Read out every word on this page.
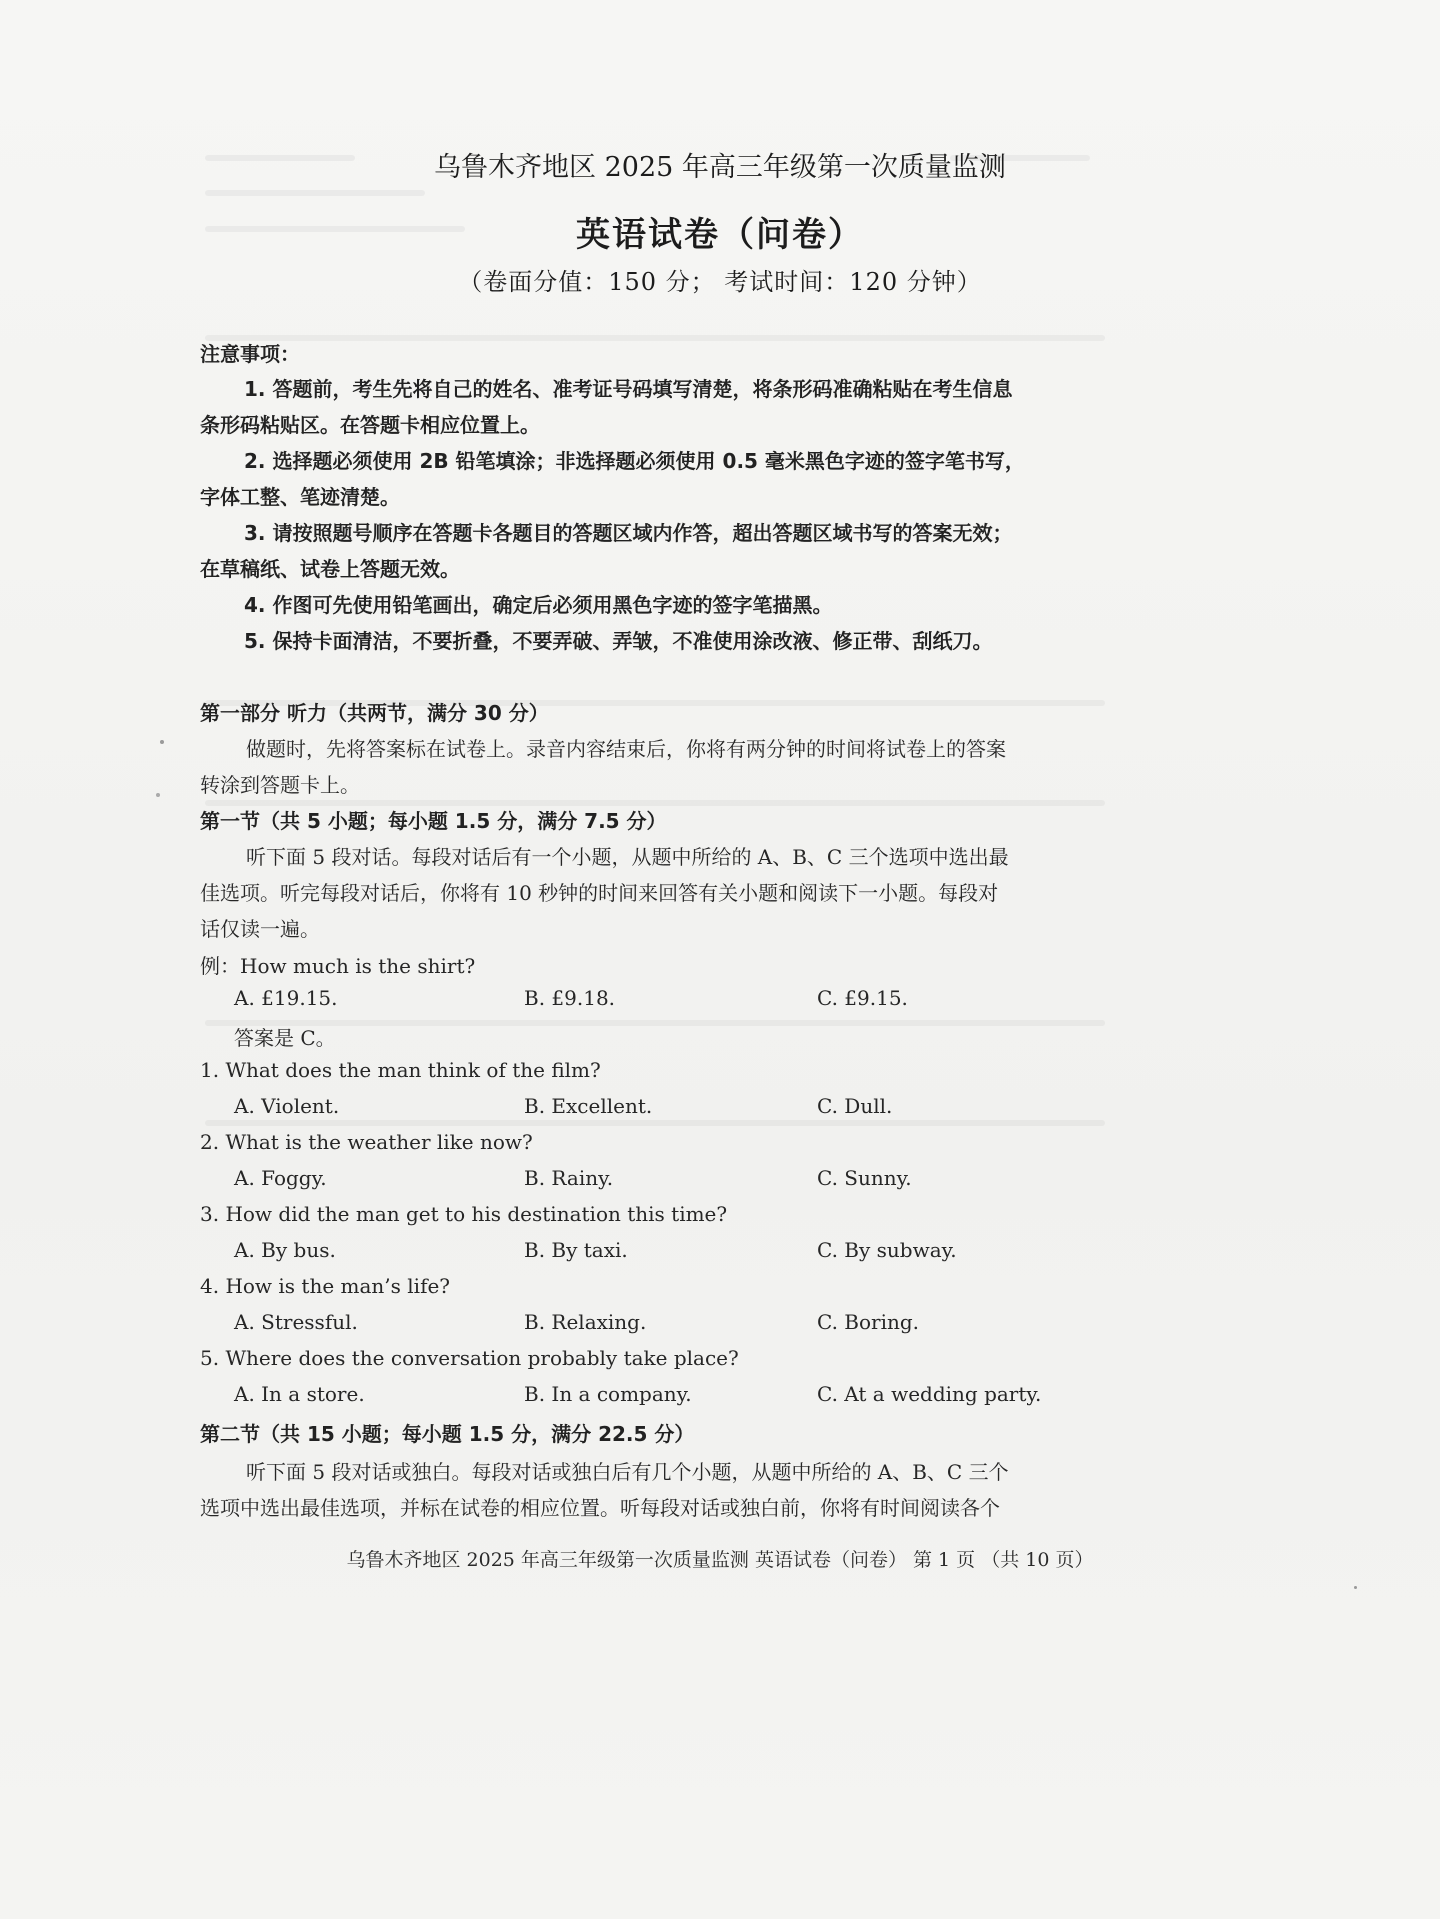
乌鲁木齐地区 2025 年高三年级第一次质量监测
英语试卷（问卷）
（卷面分值：150 分； 考试时间：120 分钟）
注意事项：
1. 答题前，考生先将自己的姓名、准考证号码填写清楚，将条形码准确粘贴在考生信息
条形码粘贴区。在答题卡相应位置上。
2. 选择题必须使用 2B 铅笔填涂；非选择题必须使用 0.5 毫米黑色字迹的签字笔书写，
字体工整、笔迹清楚。
3. 请按照题号顺序在答题卡各题目的答题区域内作答，超出答题区域书写的答案无效；
在草稿纸、试卷上答题无效。
4. 作图可先使用铅笔画出，确定后必须用黑色字迹的签字笔描黑。
5. 保持卡面清洁，不要折叠，不要弄破、弄皱，不准使用涂改液、修正带、刮纸刀。
第一部分 听力（共两节，满分 30 分）
做题时，先将答案标在试卷上。录音内容结束后，你将有两分钟的时间将试卷上的答案
转涂到答题卡上。
第一节（共 5 小题；每小题 1.5 分，满分 7.5 分）
听下面 5 段对话。每段对话后有一个小题，从题中所给的 A、B、C 三个选项中选出最
佳选项。听完每段对话后，你将有 10 秒钟的时间来回答有关小题和阅读下一小题。每段对
话仅读一遍。
例：How much is the shirt?
A. £19.15.	B. £9.18.	C. £9.15.
答案是 C。
1. What does the man think of the film?
A. Violent.	B. Excellent.	C. Dull.
2. What is the weather like now?
A. Foggy.	B. Rainy.	C. Sunny.
3. How did the man get to his destination this time?
A. By bus.	B. By taxi.	C. By subway.
4. How is the man’s life?
A. Stressful.	B. Relaxing.	C. Boring.
5. Where does the conversation probably take place?
A. In a store.	B. In a company.	C. At a wedding party.
第二节（共 15 小题；每小题 1.5 分，满分 22.5 分）
听下面 5 段对话或独白。每段对话或独白后有几个小题，从题中所给的 A、B、C 三个
选项中选出最佳选项，并标在试卷的相应位置。听每段对话或独白前，你将有时间阅读各个
乌鲁木齐地区 2025 年高三年级第一次质量监测 英语试卷（问卷） 第 1 页 （共 10 页）
